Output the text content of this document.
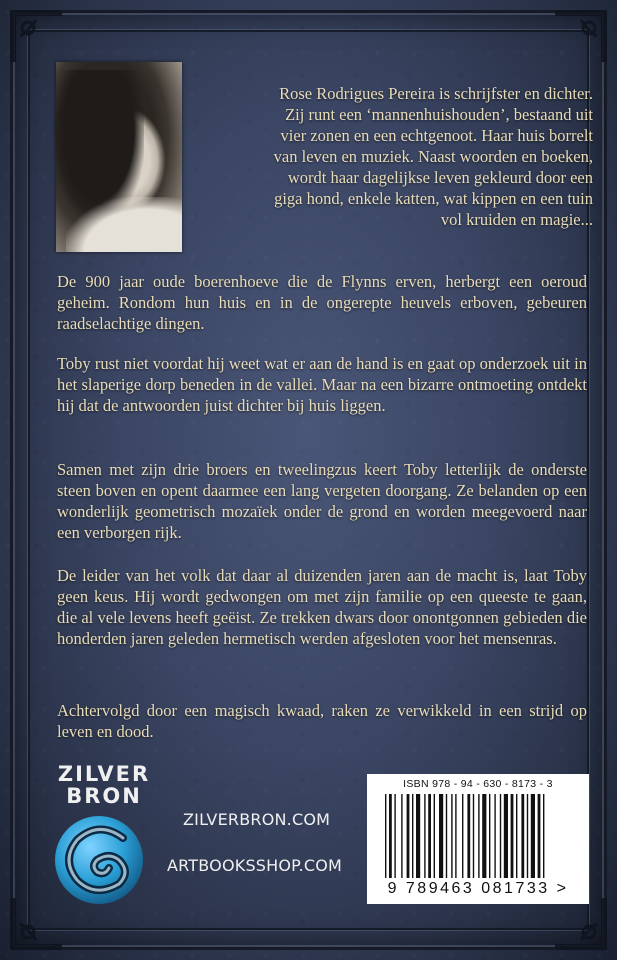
Rose Rodrigues Pereira is schrijfster en dichter.
Zij runt een ‘mannenhuishouden’, bestaand uit
vier zonen en een echtgenoot. Haar huis borrelt
van leven en muziek. Naast woorden en boeken,
wordt haar dagelijkse leven gekleurd door een
giga hond, enkele katten, wat kippen en een tuin
vol kruiden en magie...
De 900 jaar oude boerenhoeve die de Flynns erven, herbergt een oeroud geheim. Rondom hun huis en in de ongerepte heuvels erboven, gebeuren raadselachtige dingen.
Toby rust niet voordat hij weet wat er aan de hand is en gaat op onderzoek uit in het slaperige dorp beneden in de vallei. Maar na een bizarre ontmoeting ontdekt hij dat de antwoorden juist dichter bij huis liggen.
Samen met zijn drie broers en tweelingzus keert Toby letterlijk de onderste steen boven en opent daarmee een lang vergeten doorgang. Ze belanden op een wonderlijk geometrisch mozaïek onder de grond en worden meegevoerd naar een verborgen rijk.
De leider van het volk dat daar al duizenden jaren aan de macht is, laat Toby geen keus. Hij wordt gedwongen om met zijn familie op een queeste te gaan, die al vele levens heeft geëist. Ze trekken dwars door onontgonnen gebieden die honderden jaren geleden hermetisch werden afgesloten voor het mensenras.
Achtervolgd door een magisch kwaad, raken ze verwikkeld in een strijd op leven en dood.
ZILVER
BRON
ZILVERBRON.COM
ARTBOOKSSHOP.COM
ISBN 978 - 94 - 630 - 8173 - 3
9 789463 081733 >
